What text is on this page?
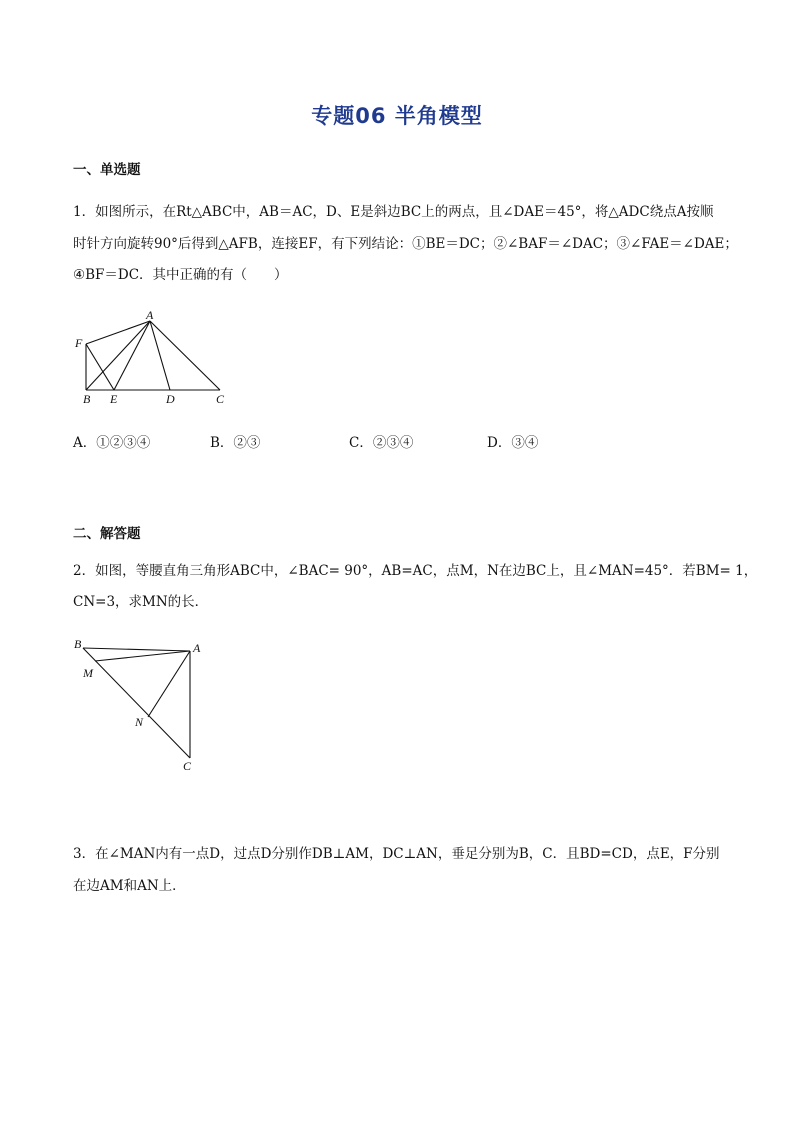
专题06 半角模型
一、单选题
1．如图所示，在Rt△ABC中，AB＝AC，D、E是斜边BC上的两点，且∠DAE＝45°，将△ADC绕点A按顺
时针方向旋转90°后得到△AFB，连接EF，有下列结论：①BE＝DC；②∠BAF＝∠DAC；③∠FAE＝∠DAE；
④BF＝DC．其中正确的有（　　）
A
F
B E	D	C
A．①②③④	B．②③	C．②③④	D．③④
二、解答题
2．如图，等腰直角三角形ABC中，∠BAC= 90°，AB=AC，点M，N在边BC上，且∠MAN=45°．若BM= 1，
CN=3，求MN的长．
B	A
M
N
C
3．在∠MAN内有一点D，过点D分别作DB⊥AM，DC⊥AN，垂足分别为B，C．且BD=CD，点E，F分别
在边AM和AN上．
